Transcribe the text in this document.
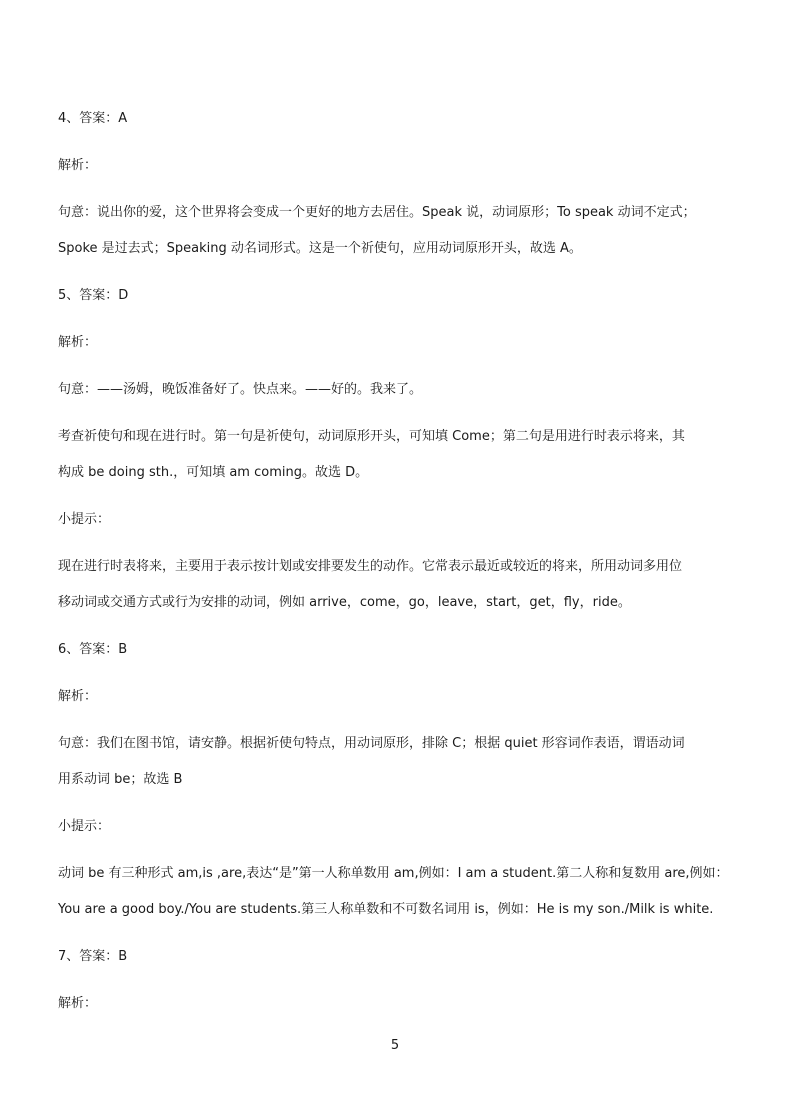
4、答案：A
解析：
句意：说出你的爱，这个世界将会变成一个更好的地方去居住。Speak 说，动词原形；To speak 动词不定式；
Spoke 是过去式；Speaking 动名词形式。这是一个祈使句，应用动词原形开头，故选 A。
5、答案：D
解析：
句意：——汤姆，晚饭准备好了。快点来。——好的。我来了。
考查祈使句和现在进行时。第一句是祈使句，动词原形开头，可知填 Come；第二句是用进行时表示将来，其
构成 be doing sth.，可知填 am coming。故选 D。
小提示：
现在进行时表将来，主要用于表示按计划或安排要发生的动作。它常表示最近或较近的将来，所用动词多用位
移动词或交通方式或行为安排的动词，例如 arrive，come，go，leave，start，get，fly，ride。
6、答案：B
解析：
句意：我们在图书馆，请安静。根据祈使句特点，用动词原形，排除 C；根据 quiet 形容词作表语，谓语动词
用系动词 be；故选 B
小提示：
动词 be 有三种形式 am,is ,are,表达“是”第一人称单数用 am,例如：I am a student.第二人称和复数用 are,例如：
You are a good boy./You are students.第三人称单数和不可数名词用 is，例如：He is my son./Milk is white.
7、答案：B
解析：
5
